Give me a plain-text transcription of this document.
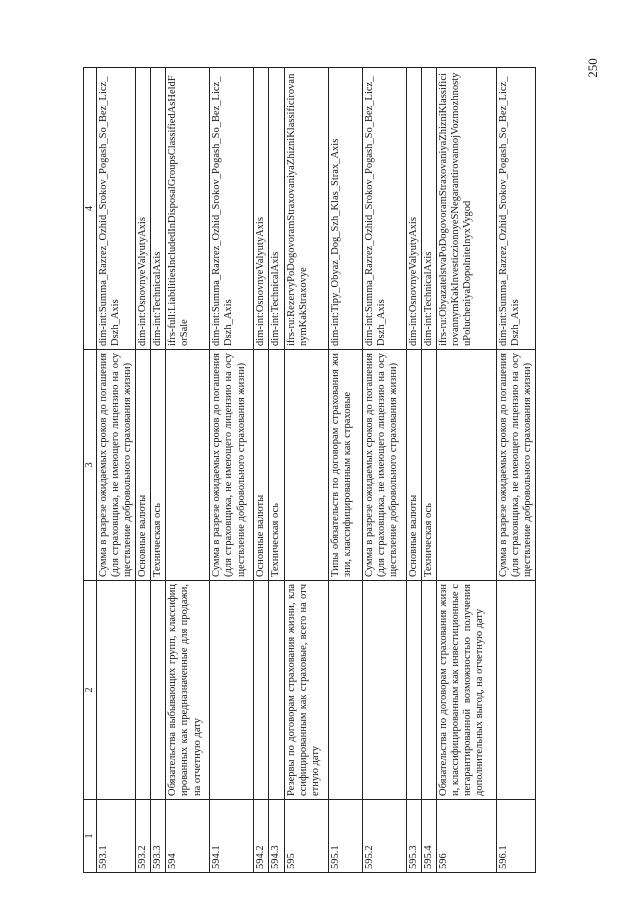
250
1	2	3	4
593.1		Сумма в разрезе ожидаемых сроков до погашения (для страховщика, не имеющего лицензию на осуществление добровольного страхования жизни)	dim-int:Summa_Razrez_Ozhid_Srokov_Pogash_So_Bez_Licz_Dszh_Axis
593.2		Основные валюты	dim-int:OsnovnyeValyutyAxis
593.3		Техническая ось	dim-int:TechnicalAxis
594	Обязательства выбывающих групп, классифицированных как предназначенные для продажи, на отчетную дату		ifrs-full:LiabilitiesIncludedInDisposalGroupsClassifiedAsHeldForSale
594.1		Сумма в разрезе ожидаемых сроков до погашения (для страховщика, не имеющего лицензию на осуществление добровольного страхования жизни)	dim-int:Summa_Razrez_Ozhid_Srokov_Pogash_So_Bez_Licz_Dszh_Axis
594.2		Основные валюты	dim-int:OsnovnyeValyutyAxis
594.3		Техническая ось	dim-int:TechnicalAxis
595	Резервы по договорам страхования жизни, классифицированным как страховые, всего на отчетную дату		ifrs-ru:RezervyPoDogovoramStraxovaniyaZhizniKlassificirovannymKakStraxovye
595.1		Типы обязательств по договорам страхования жизни, классифицированным как страховые	dim-int:Tipy_Obyaz_Dog_Szh_Klas_Strax_Axis
595.2		Сумма в разрезе ожидаемых сроков до погашения (для страховщика, не имеющего лицензию на осуществление добровольного страхования жизни)	dim-int:Summa_Razrez_Ozhid_Srokov_Pogash_So_Bez_Licz_Dszh_Axis
595.3		Основные валюты	dim-int:OsnovnyeValyutyAxis
595.4		Техническая ось	dim-int:TechnicalAxis
596	Обязательства по договорам страхования жизни, классифицированным как инвестиционные с негарантированной возможностью получения дополнительных выгод, на отчетную дату		ifrs-ru:ObyazatelstvaPoDogovoramStraxovaniyaZhizniKlassificirovannymKakInvesticzionnyeSNegarantirovannojVozmozhnostyuPolucheniyaDopolnitelnyxVygod
596.1		Сумма в разрезе ожидаемых сроков до погашения (для страховщика, не имеющего лицензию на осуществление добровольного страхования жизни)	dim-int:Summa_Razrez_Ozhid_Srokov_Pogash_So_Bez_Licz_Dszh_Axis
